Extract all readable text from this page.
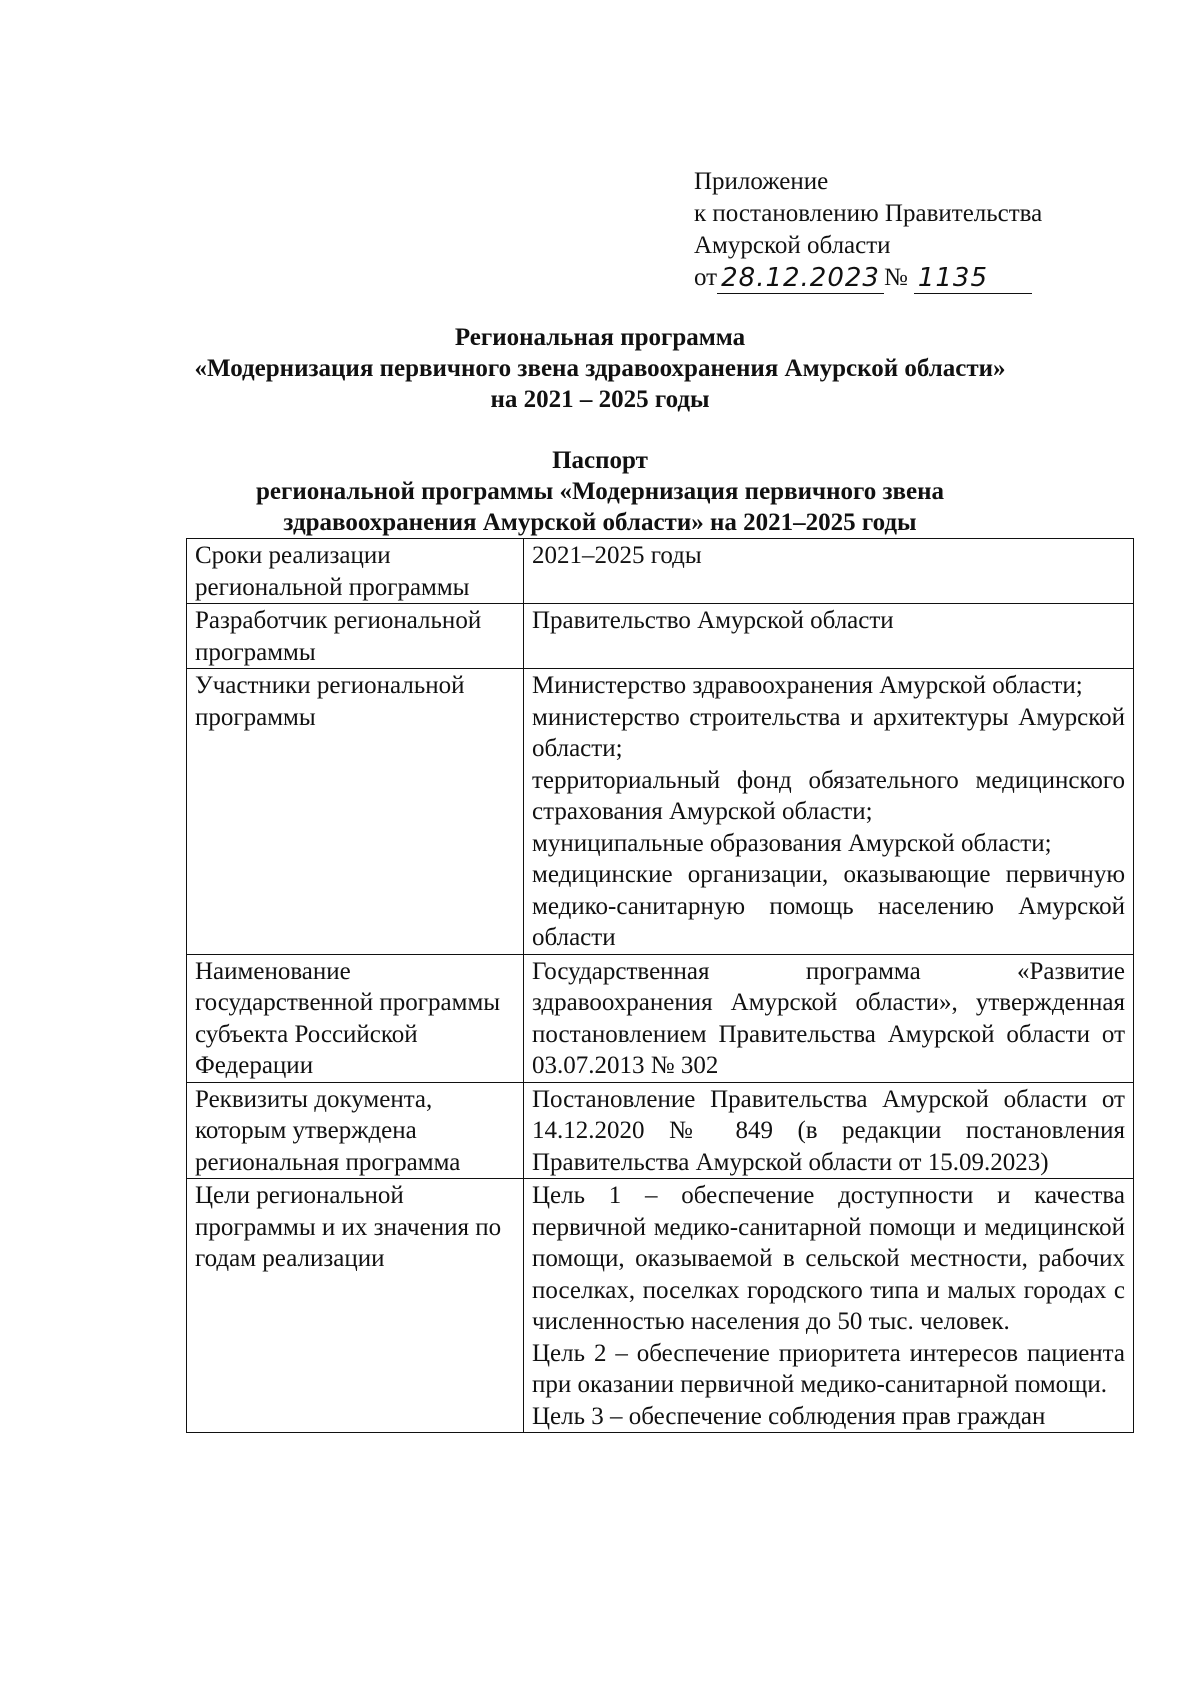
Приложение
к постановлению Правительства
Амурской области
от 28.12.2023 № 1135
Региональная программа
«Модернизация первичного звена здравоохранения Амурской области»
на 2021 – 2025 годы
Паспорт
региональной программы «Модернизация первичного звена
здравоохранения Амурской области» на 2021–2025 годы
Сроки реализации региональной программы	2021–2025 годы

Разработчик региональной программы	Правительство Амурской области

Участники региональной программы	Министерство здравоохранения Амурской области;
министерство строительства и архитектуры Амурской области;
территориальный фонд обязательного медицинского страхования Амурской области;
муниципальные образования Амурской области;
медицинские организации, оказывающие первичную медико-санитарную помощь населению Амурской области

Наименование государственной программы субъекта Российской Федерации	Государственная программа «Развитие здравоохранения Амурской области», утвержденная постановлением Правительства Амурской области от 03.07.2013 № 302

Реквизиты документа, которым утверждена региональная программа	Постановление Правительства Амурской области от 14.12.2020 № 849 (в редакции постановления Правительства Амурской области от 15.09.2023)

Цели региональной программы и их значения по годам реализации	Цель 1 – обеспечение доступности и качества первичной медико-санитарной помощи и медицинской помощи, оказываемой в сельской местности, рабочих поселках, поселках городского типа и малых городах с численностью населения до 50 тыс. человек.
Цель 2 – обеспечение приоритета интересов пациента при оказании первичной медико-санитарной помощи.
Цель 3 – обеспечение соблюдения прав граждан
